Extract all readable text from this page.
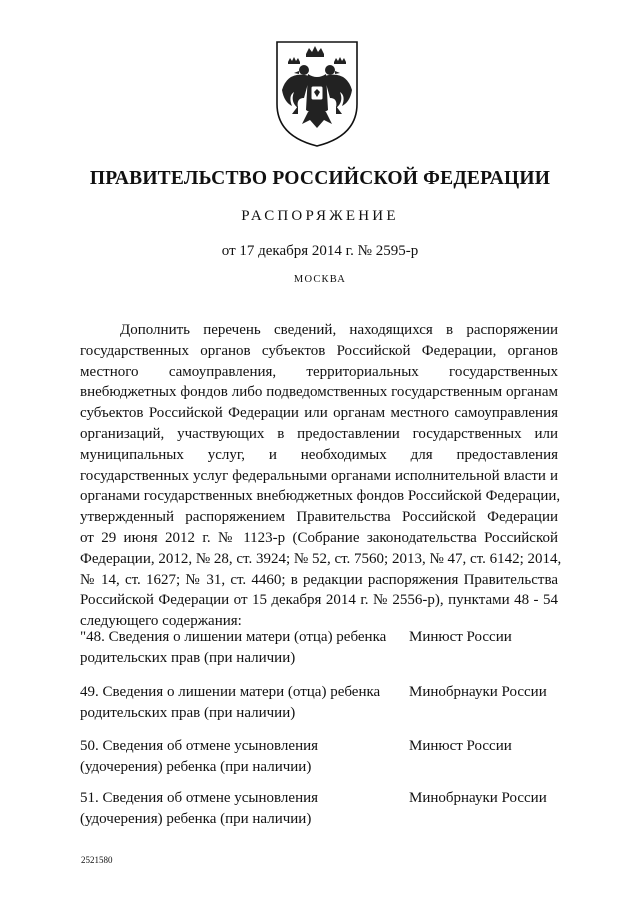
ПРАВИТЕЛЬСТВО РОССИЙСКОЙ ФЕДЕРАЦИИ
РАСПОРЯЖЕНИЕ
от 17 декабря 2014 г. № 2595-р
МОСКВА
Дополнить перечень сведений, находящихся в распоряжении
государственных органов субъектов Российской Федерации, органов
местного самоуправления, территориальных государственных
внебюджетных фондов либо подведомственных государственным органам
субъектов Российской Федерации или органам местного самоуправления
организаций, участвующих в предоставлении государственных или
муниципальных услуг, и необходимых для предоставления
государственных услуг федеральными органами исполнительной власти и
органами государственных внебюджетных фондов Российской Федерации,
утвержденный распоряжением Правительства Российской Федерации
от 29 июня 2012 г. № 1123-р (Собрание законодательства Российской
Федерации, 2012, № 28, ст. 3924; № 52, ст. 7560; 2013, № 47, ст. 6142; 2014,
№ 14, ст. 1627; № 31, ст. 4460; в редакции распоряжения Правительства
Российской Федерации от 15 декабря 2014 г. № 2556-р), пунктами 48 - 54
следующего содержания:
"48. Сведения о лишении матери (отца) ребенка
родительских прав (при наличии)
Минюст России
49. Сведения о лишении матери (отца) ребенка
родительских прав (при наличии)
Минобрнауки России
50. Сведения об отмене усыновления
(удочерения) ребенка (при наличии)
Минюст России
51. Сведения об отмене усыновления
(удочерения) ребенка (при наличии)
Минобрнауки России
2521580
